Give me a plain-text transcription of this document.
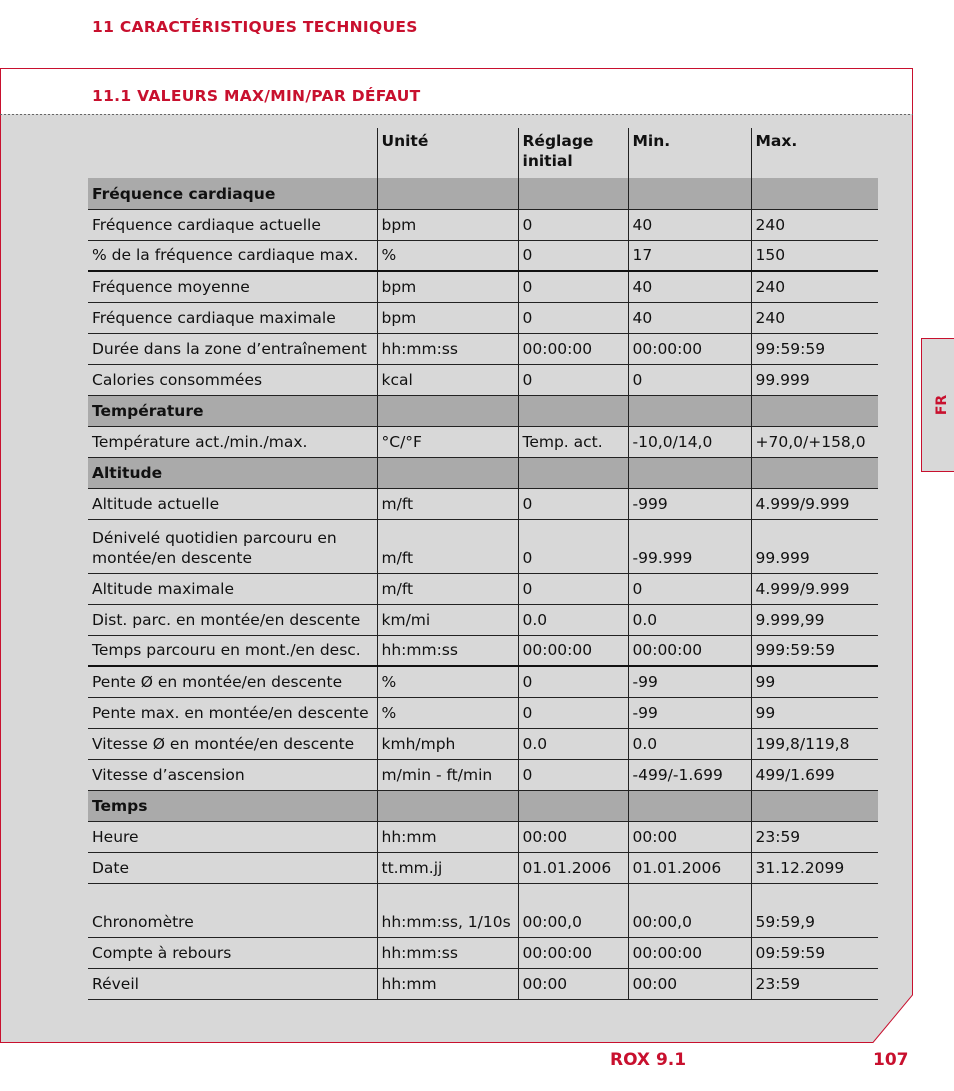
11 CARACTÉRISTIQUES TECHNIQUES
11.1 VALEURS MAX/MIN/PAR DÉFAUT
	Unité	Réglage initial	Min.	Max.
Fréquence cardiaque				
Fréquence cardiaque actuelle	bpm	0	40	240
% de la fréquence cardiaque max.	%	0	17	150
Fréquence moyenne	bpm	0	40	240
Fréquence cardiaque maximale	bpm	0	40	240
Durée dans la zone d’entraînement	hh:mm:ss	00:00:00	00:00:00	99:59:59
Calories consommées	kcal	0	0	99.999
Température				
Température act./min./max.	°C/°F	Temp. act.	-10,0/14,0	+70,0/+158,0
Altitude				
Altitude actuelle	m/ft	0	-999	4.999/9.999
Dénivelé quotidien parcouru en montée/en descente	m/ft	0	-99.999	99.999
Altitude maximale	m/ft	0	0	4.999/9.999
Dist. parc. en montée/en descente	km/mi	0.0	0.0	9.999,99
Temps parcouru en mont./en desc.	hh:mm:ss	00:00:00	00:00:00	999:59:59
Pente Ø en montée/en descente	%	0	-99	99
Pente max. en montée/en descente	%	0	-99	99
Vitesse Ø en montée/en descente	kmh/mph	0.0	0.0	199,8/119,8
Vitesse d’ascension	m/min - ft/min	0	-499/-1.699	499/1.699
Temps				
Heure	hh:mm	00:00	00:00	23:59
Date	tt.mm.jj	01.01.2006	01.01.2006	31.12.2099
Chronomètre	hh:mm:ss, 1/10s	00:00,0	00:00,0	59:59,9
Compte à rebours	hh:mm:ss	00:00:00	00:00:00	09:59:59
Réveil	hh:mm	00:00	00:00	23:59
FR
ROX 9.1	107
